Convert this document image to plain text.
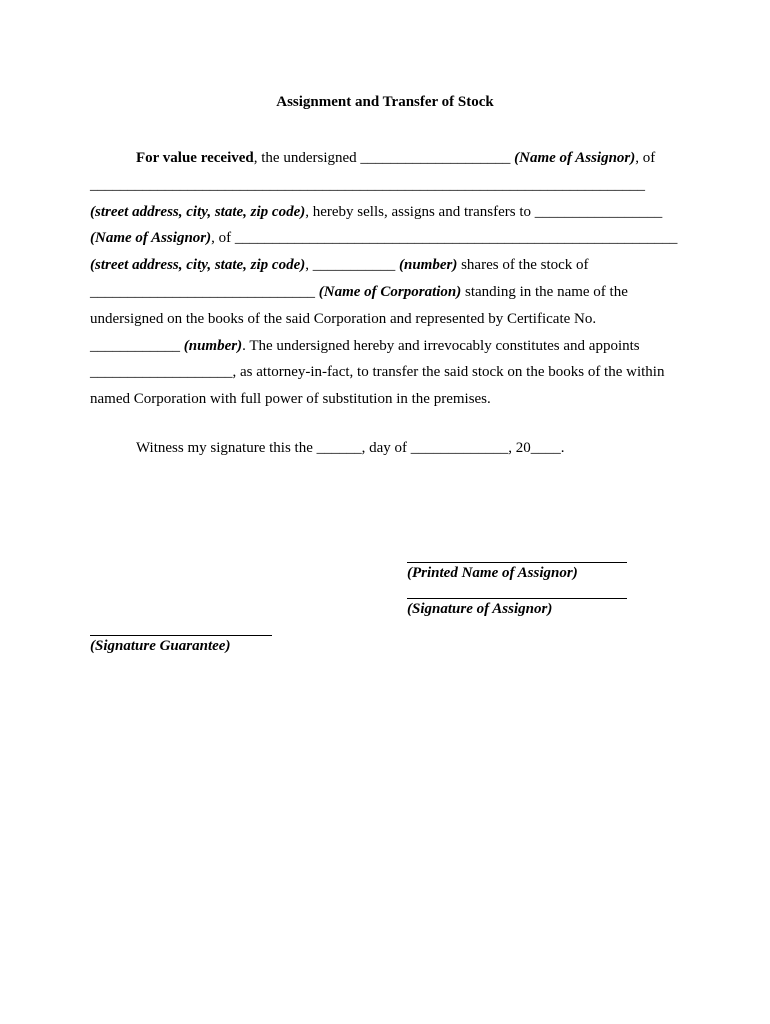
Assignment and Transfer of Stock
For value received, the undersigned ____________________ (Name of Assignor), of
__________________________________________________________________________
(street address, city, state, zip code), hereby sells, assigns and transfers to _________________
(Name of Assignor), of ___________________________________________________________
(street address, city, state, zip code), ___________ (number) shares of the stock of
______________________________ (Name of Corporation) standing in the name of the
undersigned on the books of the said Corporation and represented by Certificate No.
____________ (number). The undersigned hereby and irrevocably constitutes and appoints
___________________, as attorney-in-fact, to transfer the said stock on the books of the within
named Corporation with full power of substitution in the premises.
Witness my signature this the ______, day of _____________, 20____.
(Printed Name of Assignor)
(Signature of Assignor)
(Signature Guarantee)
